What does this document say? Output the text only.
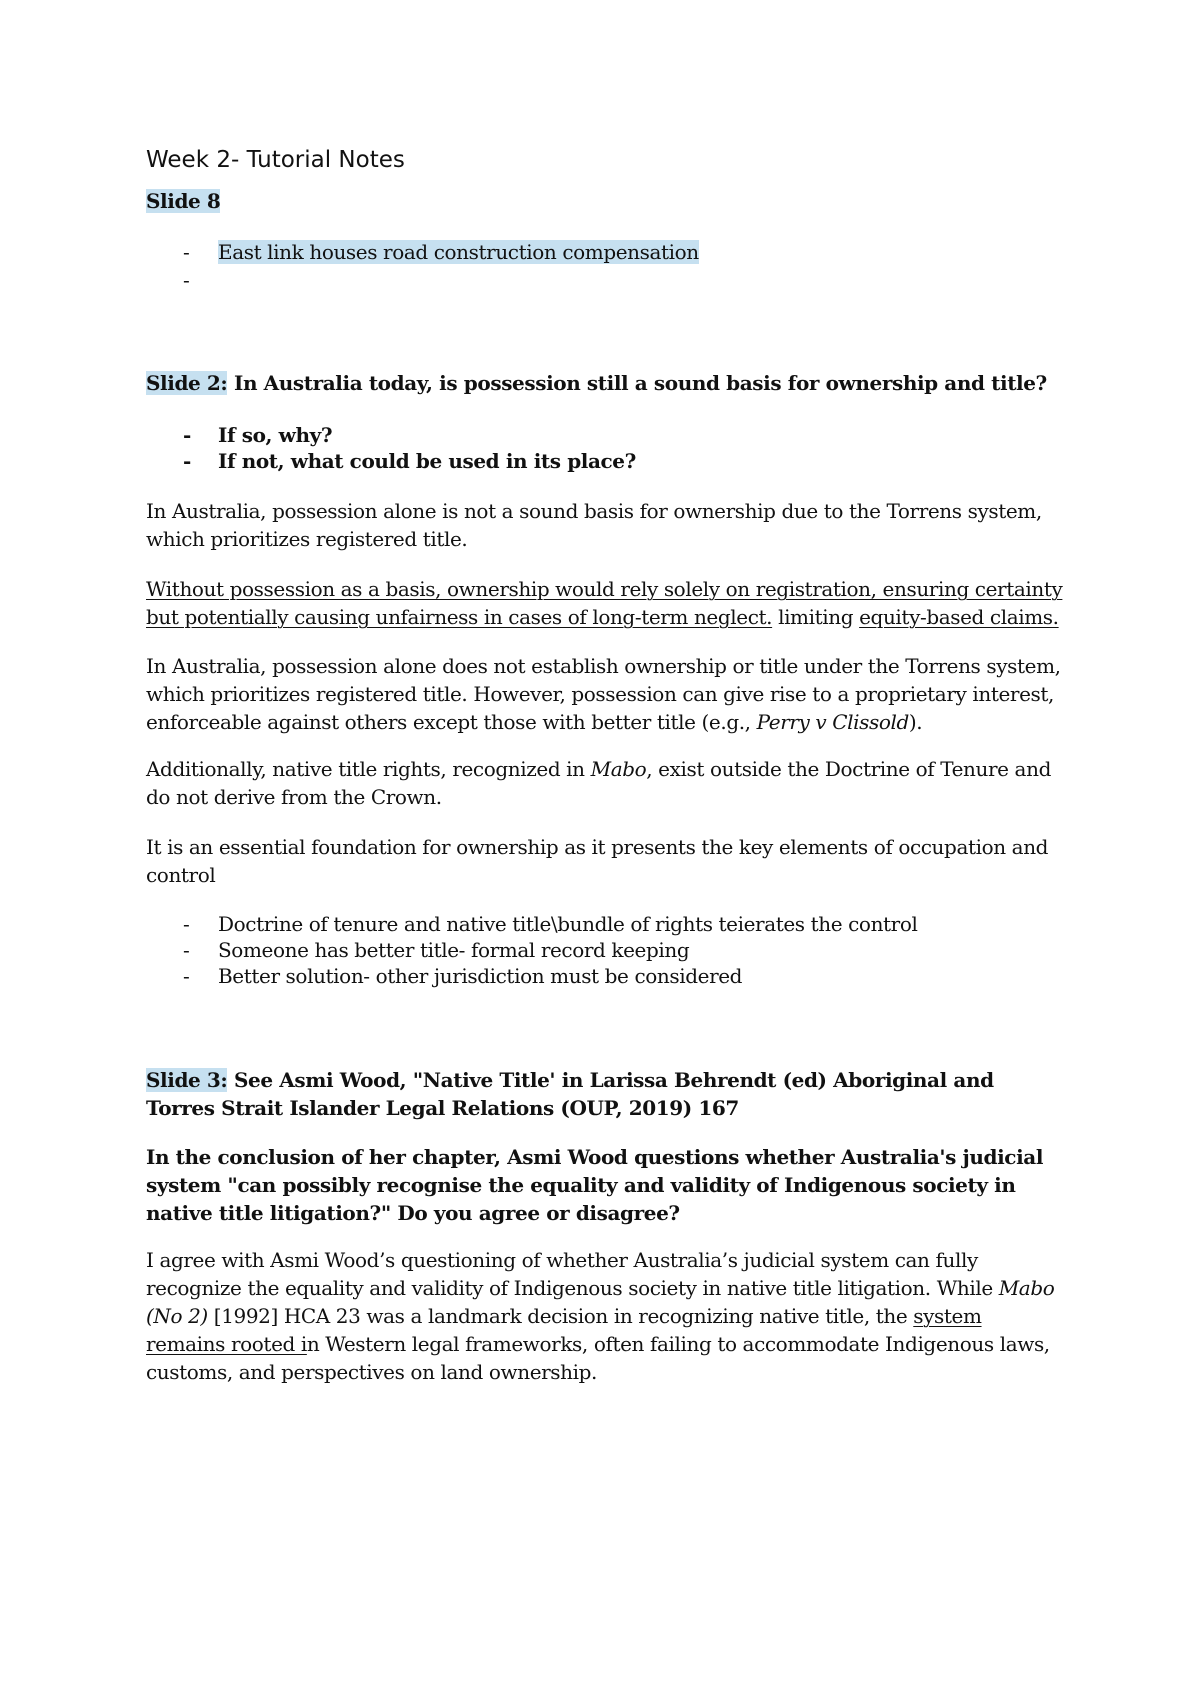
Week 2- Tutorial Notes
Slide 8
- East link houses road construction compensation
-
Slide 2: In Australia today, is possession still a sound basis for ownership and title?
- If so, why?
- If not, what could be used in its place?
In Australia, possession alone is not a sound basis for ownership due to the Torrens system, which prioritizes registered title.
Without possession as a basis, ownership would rely solely on registration, ensuring certainty but potentially causing unfairness in cases of long-term neglect. limiting equity-based claims.
In Australia, possession alone does not establish ownership or title under the Torrens system, which prioritizes registered title. However, possession can give rise to a proprietary interest, enforceable against others except those with better title (e.g., Perry v Clissold).
Additionally, native title rights, recognized in Mabo, exist outside the Doctrine of Tenure and do not derive from the Crown.
It is an essential foundation for ownership as it presents the key elements of occupation and control
- Doctrine of tenure and native title\bundle of rights teierates the control
- Someone has better title- formal record keeping
- Better solution- other jurisdiction must be considered
Slide 3: See Asmi Wood, "Native Title' in Larissa Behrendt (ed) Aboriginal and Torres Strait Islander Legal Relations (OUP, 2019) 167
In the conclusion of her chapter, Asmi Wood questions whether Australia's judicial system "can possibly recognise the equality and validity of Indigenous society in native title litigation?" Do you agree or disagree?
I agree with Asmi Wood’s questioning of whether Australia’s judicial system can fully recognize the equality and validity of Indigenous society in native title litigation. While Mabo (No 2) [1992] HCA 23 was a landmark decision in recognizing native title, the system remains rooted in Western legal frameworks, often failing to accommodate Indigenous laws, customs, and perspectives on land ownership.
